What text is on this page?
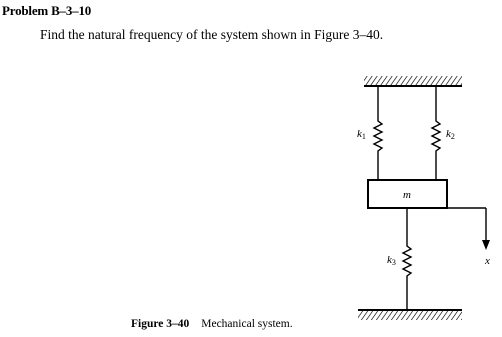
Problem B–3–10
Find the natural frequency of the system shown in Figure 3–40.
k1	k2
k3
m
x
Figure 3–40 Mechanical system.
